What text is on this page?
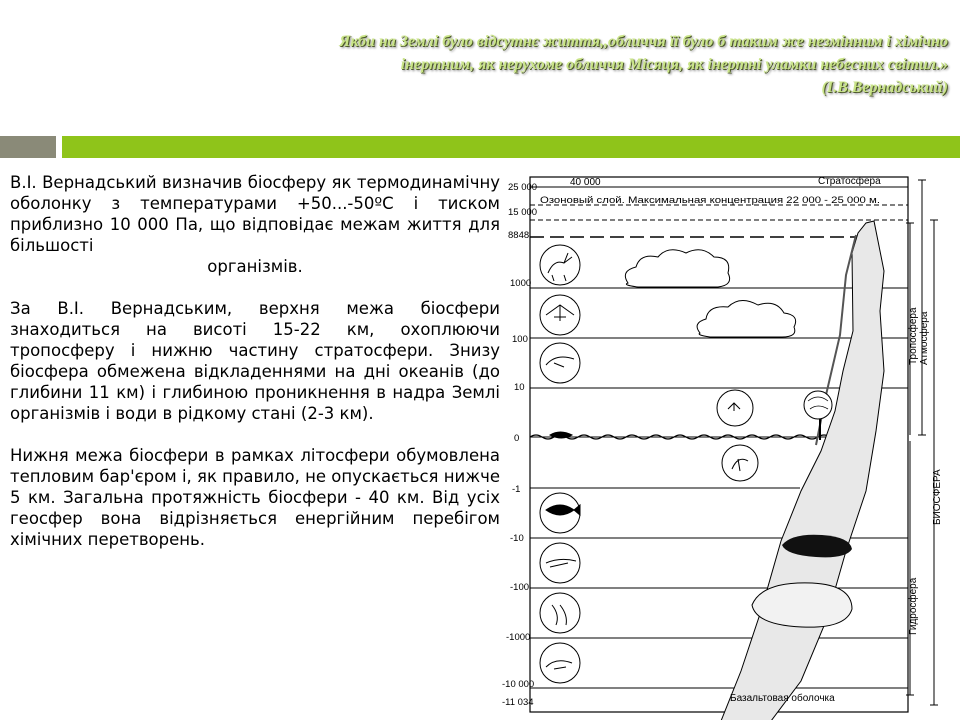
Якби на Землі було відсутнє життя,,обличчя її було б таким же незмінним і хімічно
інертним, як нерухоме обличчя Місяця, як інертні уламки небесних світил.»
(І.В.Вернадський)

В.І. Вернадський визначив біосферу як термодинамічну оболонку з температурами +50...-50ºС і тиском приблизно 10 000 Па, що відповідає межам життя для більшості
організмів.

За В.І. Вернадським, верхня межа біосфери знаходиться на висоті 15-22 км, охоплюючи тропосферу і нижню частину стратосфери. Знизу біосфера обмежена відкладеннями на дні океанів (до глибини 11 км) і глибиною проникнення в надра Землі організмів і води в рідкому стані (2-3 км).

Нижня межа біосфери в рамках літосфери обумовлена тепловим бар'єром і, як правило, не опускається нижче 5 км. Загальна протяжність біосфери - 40 км. Від усіх геосфер вона відрізняється енергійним перебігом хімічних перетворень.

25 000
15 000
8848
1000
100
10
0
-1
-10
-100
-1000
-10 000
-11 034
40 000	Стратосфера
Озоновый слой. Максимальная концентрация 22 000 - 25 000 м.
Атмосфера
Тропосфера
Гидросфера
БИОСФЕРА
Базальтовая оболочка
